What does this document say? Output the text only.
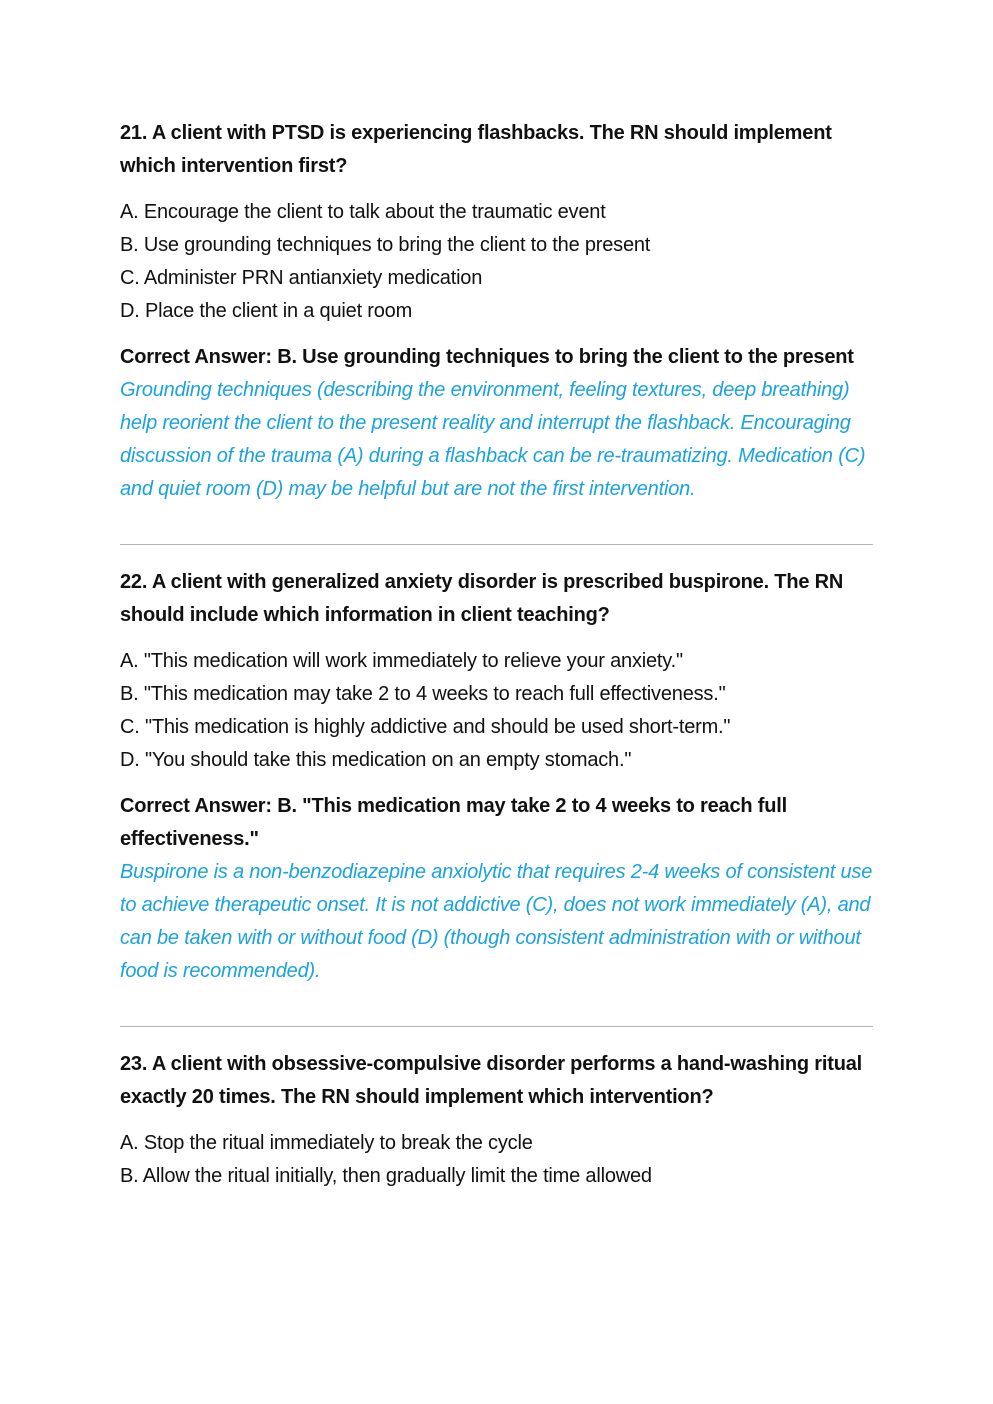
21. A client with PTSD is experiencing flashbacks. The RN should implement which intervention first?

A. Encourage the client to talk about the traumatic event
B. Use grounding techniques to bring the client to the present
C. Administer PRN antianxiety medication
D. Place the client in a quiet room

Correct Answer: B. Use grounding techniques to bring the client to the present

Grounding techniques (describing the environment, feeling textures, deep breathing) help reorient the client to the present reality and interrupt the flashback. Encouraging discussion of the trauma (A) during a flashback can be re-traumatizing. Medication (C) and quiet room (D) may be helpful but are not the first intervention.

22. A client with generalized anxiety disorder is prescribed buspirone. The RN should include which information in client teaching?

A. "This medication will work immediately to relieve your anxiety."
B. "This medication may take 2 to 4 weeks to reach full effectiveness."
C. "This medication is highly addictive and should be used short-term."
D. "You should take this medication on an empty stomach."

Correct Answer: B. "This medication may take 2 to 4 weeks to reach full effectiveness."

Buspirone is a non-benzodiazepine anxiolytic that requires 2-4 weeks of consistent use to achieve therapeutic onset. It is not addictive (C), does not work immediately (A), and can be taken with or without food (D) (though consistent administration with or without food is recommended).

23. A client with obsessive-compulsive disorder performs a hand-washing ritual exactly 20 times. The RN should implement which intervention?

A. Stop the ritual immediately to break the cycle
B. Allow the ritual initially, then gradually limit the time allowed
